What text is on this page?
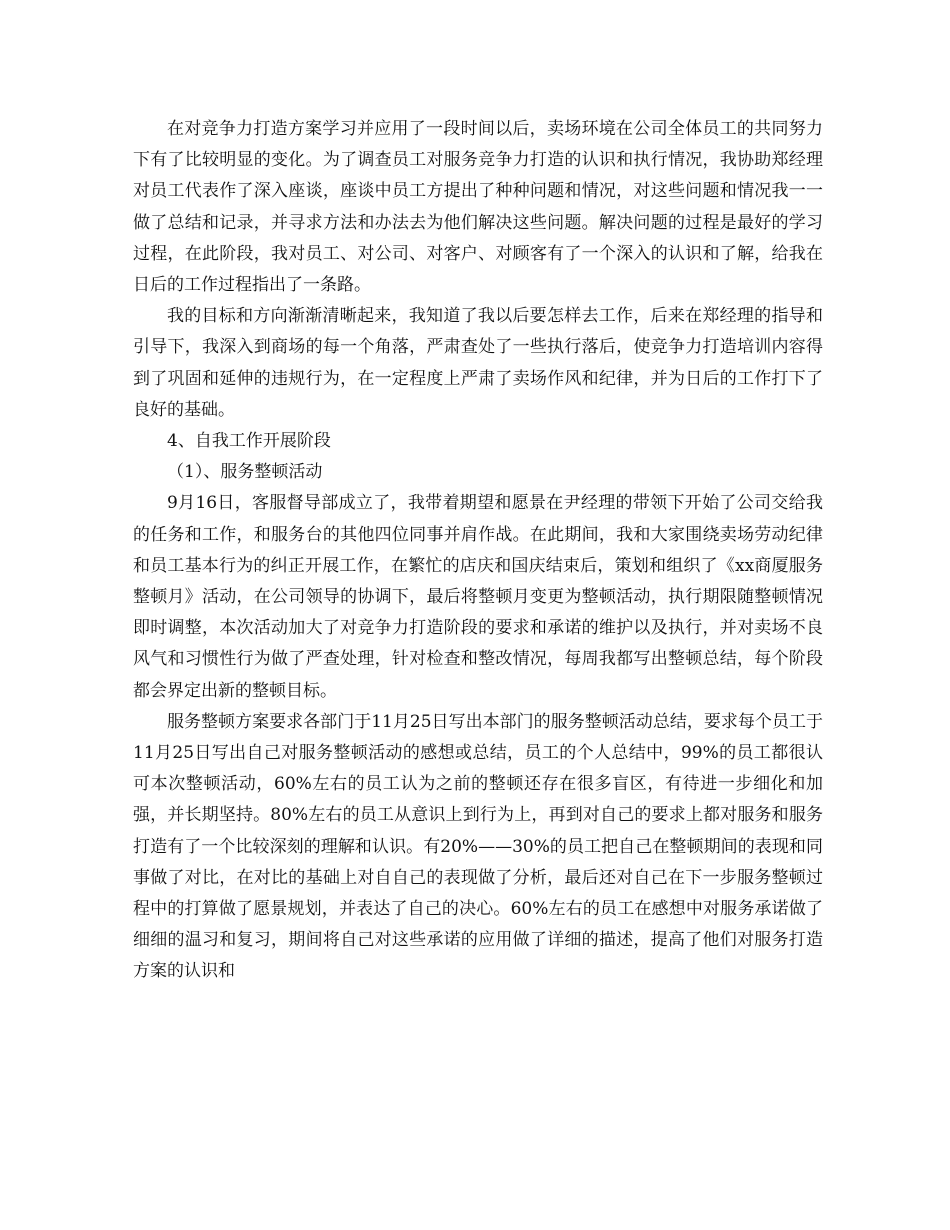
在对竞争力打造方案学习并应用了一段时间以后，卖场环境在公司全体员工的共同努力下有了比较明显的变化。为了调查员工对服务竞争力打造的认识和执行情况，我协助郑经理对员工代表作了深入座谈，座谈中员工方提出了种种问题和情况，对这些问题和情况我一一做了总结和记录，并寻求方法和办法去为他们解决这些问题。解决问题的过程是最好的学习过程，在此阶段，我对员工、对公司、对客户、对顾客有了一个深入的认识和了解，给我在日后的工作过程指出了一条路。

我的目标和方向渐渐清晰起来，我知道了我以后要怎样去工作，后来在郑经理的指导和引导下，我深入到商场的每一个角落，严肃查处了一些执行落后，使竞争力打造培训内容得到了巩固和延伸的违规行为，在一定程度上严肃了卖场作风和纪律，并为日后的工作打下了良好的基础。

4、自我工作开展阶段

（1）、服务整顿活动

9月16日，客服督导部成立了，我带着期望和愿景在尹经理的带领下开始了公司交给我的任务和工作，和服务台的其他四位同事并肩作战。在此期间，我和大家围绕卖场劳动纪律和员工基本行为的纠正开展工作，在繁忙的店庆和国庆结束后，策划和组织了《xx商厦服务整顿月》活动，在公司领导的协调下，最后将整顿月变更为整顿活动，执行期限随整顿情况即时调整，本次活动加大了对竞争力打造阶段的要求和承诺的维护以及执行，并对卖场不良风气和习惯性行为做了严查处理，针对检查和整改情况，每周我都写出整顿总结，每个阶段都会界定出新的整顿目标。

服务整顿方案要求各部门于11月25日写出本部门的服务整顿活动总结，要求每个员工于11月25日写出自己对服务整顿活动的感想或总结，员工的个人总结中，99%的员工都很认可本次整顿活动，60%左右的员工认为之前的整顿还存在很多盲区，有待进一步细化和加强，并长期坚持。80%左右的员工从意识上到行为上，再到对自己的要求上都对服务和服务打造有了一个比较深刻的理解和认识。有20%——30%的员工把自己在整顿期间的表现和同事做了对比，在对比的基础上对自自己的表现做了分析，最后还对自己在下一步服务整顿过程中的打算做了愿景规划，并表达了自己的决心。60%左右的员工在感想中对服务承诺做了细细的温习和复习，期间将自己对这些承诺的应用做了详细的描述，提高了他们对服务打造方案的认识和
